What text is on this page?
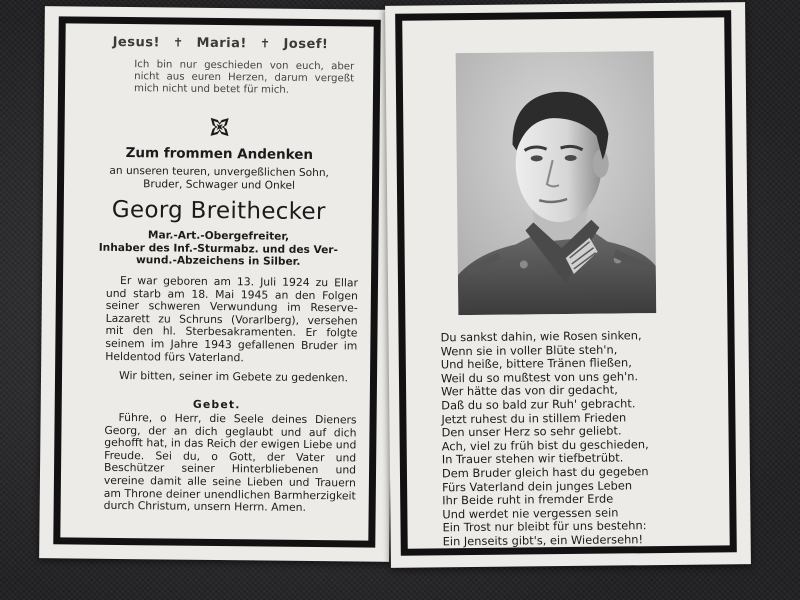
Jesus! ✝ Maria! ✝ Josef!
Ich bin nur geschieden von euch, aber nicht aus euren Herzen, darum vergeßt mich nicht und betet für mich.
Zum frommen Andenken
an unseren teuren, unvergeßlichen Sohn,
Bruder, Schwager und Onkel
Georg Breithecker
Mar.-Art.-Obergefreiter,
Inhaber des Inf.-Sturmabz. und des Ver-
wund.-Abzeichens in Silber.

Er war geboren am 13. Juli 1924 zu Ellar und starb am 18. Mai 1945 an den Folgen seiner schweren Verwundung im Reserve-Lazarett zu Schruns (Vorarlberg), versehen mit den hl. Sterbesakramenten. Er folgte seinem im Jahre 1943 gefallenen Bruder im Heldentod fürs Vaterland.

Wir bitten, seiner im Gebete zu gedenken.

Gebet.

Führe, o Herr, die Seele deines Dieners Georg, der an dich geglaubt und auf dich gehofft hat, in das Reich der ewigen Liebe und Freude. Sei du, o Gott, der Vater und Beschützer seiner Hinterbliebenen und vereine damit alle seine Lieben und Trauern am Throne deiner unendlichen Barmherzigkeit durch Christum, unsern Herrn. Amen.

Du sankst dahin, wie Rosen sinken,
Wenn sie in voller Blüte steh'n,
Und heiße, bittere Tränen fließen,
Weil du so mußtest von uns geh'n.
Wer hätte das von dir gedacht,
Daß du so bald zur Ruh' gebracht.
Jetzt ruhest du in stillem Frieden
Den unser Herz so sehr geliebt.
Ach, viel zu früh bist du geschieden,
In Trauer stehen wir tiefbetrübt.
Dem Bruder gleich hast du gegeben
Fürs Vaterland dein junges Leben
Ihr Beide ruht in fremder Erde
Und werdet nie vergessen sein
Ein Trost nur bleibt für uns bestehn:
Ein Jenseits gibt's, ein Wiedersehn!
